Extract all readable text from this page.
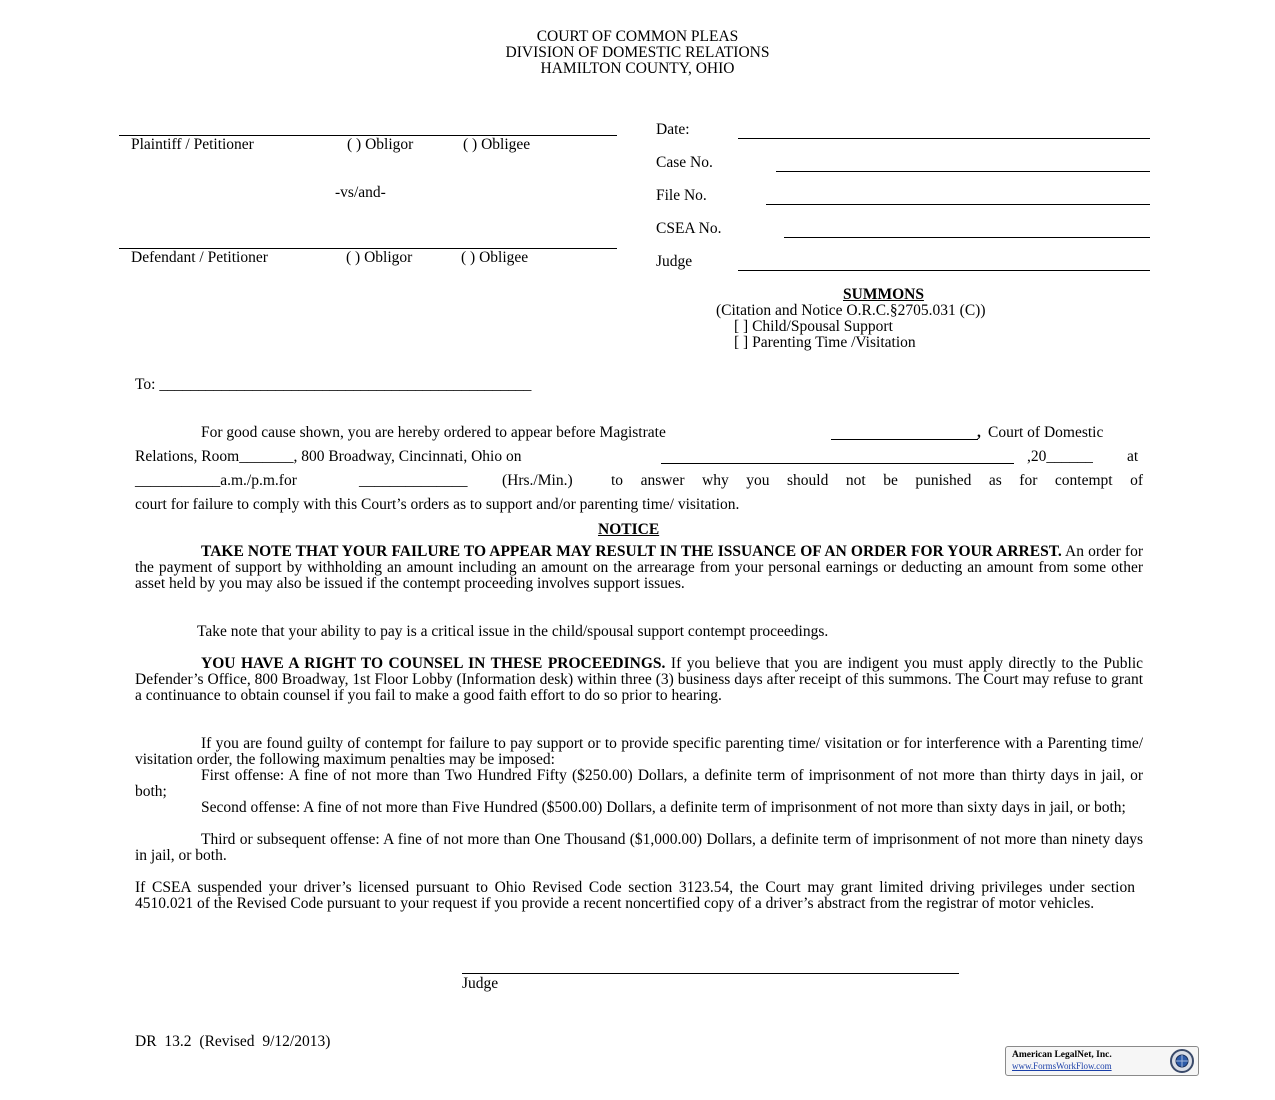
COURT OF COMMON PLEAS
DIVISION OF DOMESTIC RELATIONS
HAMILTON COUNTY, OHIO
Plaintiff / Petitioner	( ) Obligor	( ) Obligee
-vs/and-
Defendant / Petitioner	( ) Obligor	( ) Obligee
Date:
Case No.
File No.
CSEA No.
Judge
SUMMONS
(Citation and Notice O.R.C.§2705.031 (C))
[ ] Child/Spousal Support
[ ] Parenting Time /Visitation
To: ________________________________________________
For good cause shown, you are hereby ordered to appear before Magistrate	, Court of Domestic
Relations, Room_______, 800 Broadway, Cincinnati, Ohio on	,20______ at
___________a.m./p.m.for	______________ (Hrs./Min.) to answer why you should not be punished as for contempt of
court for failure to comply with this Court’s orders as to support and/or parenting time/ visitation.
NOTICE
TAKE NOTE THAT YOUR FAILURE TO APPEAR MAY RESULT IN THE ISSUANCE OF AN ORDER FOR YOUR ARREST. An order for the payment of support by withholding an amount including an amount on the arrearage from your personal earnings or deducting an amount from some other asset held by you may also be issued if the contempt proceeding involves support issues.
Take note that your ability to pay is a critical issue in the child/spousal support contempt proceedings.
YOU HAVE A RIGHT TO COUNSEL IN THESE PROCEEDINGS. If you believe that you are indigent you must apply directly to the Public Defender’s Office, 800 Broadway, 1st Floor Lobby (Information desk) within three (3) business days after receipt of this summons. The Court may refuse to grant a continuance to obtain counsel if you fail to make a good faith effort to do so prior to hearing.
If you are found guilty of contempt for failure to pay support or to provide specific parenting time/ visitation or for interference with a Parenting time/ visitation order, the following maximum penalties may be imposed:
First offense: A fine of not more than Two Hundred Fifty ($250.00) Dollars, a definite term of imprisonment of not more than thirty days in jail, or both;
Second offense: A fine of not more than Five Hundred ($500.00) Dollars, a definite term of imprisonment of not more than sixty days in jail, or both;
Third or subsequent offense: A fine of not more than One Thousand ($1,000.00) Dollars, a definite term of imprisonment of not more than ninety days in jail, or both.
If CSEA suspended your driver’s licensed pursuant to Ohio Revised Code section 3123.54, the Court may grant limited driving privileges under section 4510.021 of the Revised Code pursuant to your request if you provide a recent noncertified copy of a driver’s abstract from the registrar of motor vehicles.
Judge
DR 13.2 (Revised 9/12/2013)
American LegalNet, Inc.
www.FormsWorkFlow.com
